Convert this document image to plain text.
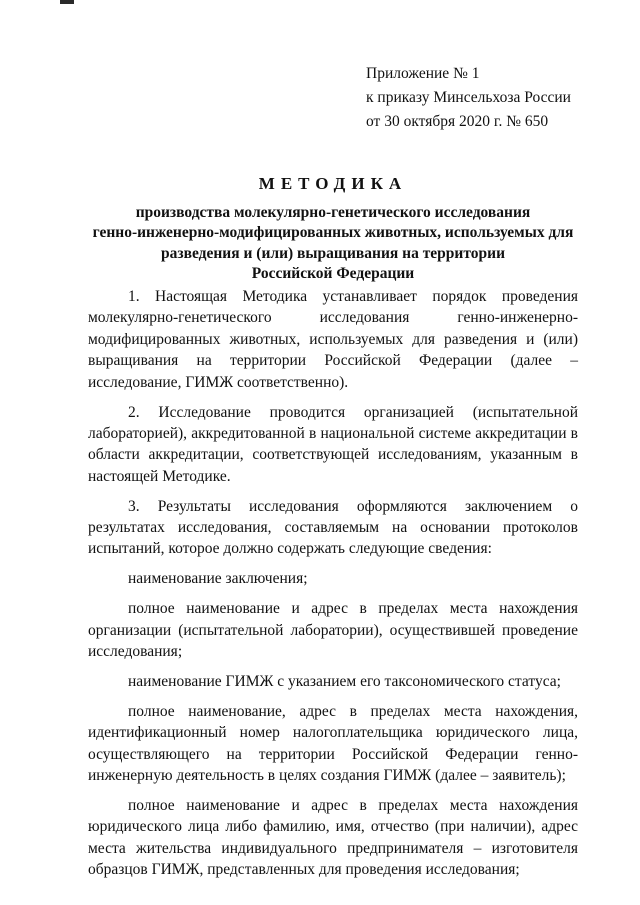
Приложение № 1
к приказу Минсельхоза России
от 30 октября 2020 г. № 650
МЕТОДИКА
производства молекулярно-генетического исследования
генно-инженерно-модифицированных животных, используемых для
разведения и (или) выращивания на территории
Российской Федерации

1. Настоящая Методика устанавливает порядок проведения молекулярно-генетического исследования генно-инженерно-модифицированных животных, используемых для разведения и (или) выращивания на территории Российской Федерации (далее – исследование, ГИМЖ соответственно).

2. Исследование проводится организацией (испытательной лабораторией), аккредитованной в национальной системе аккредитации в области аккредитации, соответствующей исследованиям, указанным в настоящей Методике.

3. Результаты исследования оформляются заключением о результатах исследования, составляемым на основании протоколов испытаний, которое должно содержать следующие сведения:

наименование заключения;

полное наименование и адрес в пределах места нахождения организации (испытательной лаборатории), осуществившей проведение исследования;

наименование ГИМЖ с указанием его таксономического статуса;

полное наименование, адрес в пределах места нахождения, идентификационный номер налогоплательщика юридического лица, осуществляющего на территории Российской Федерации генно-инженерную деятельность в целях создания ГИМЖ (далее – заявитель);

полное наименование и адрес в пределах места нахождения юридического лица либо фамилию, имя, отчество (при наличии), адрес места жительства индивидуального предпринимателя – изготовителя образцов ГИМЖ, представленных для проведения исследования;
